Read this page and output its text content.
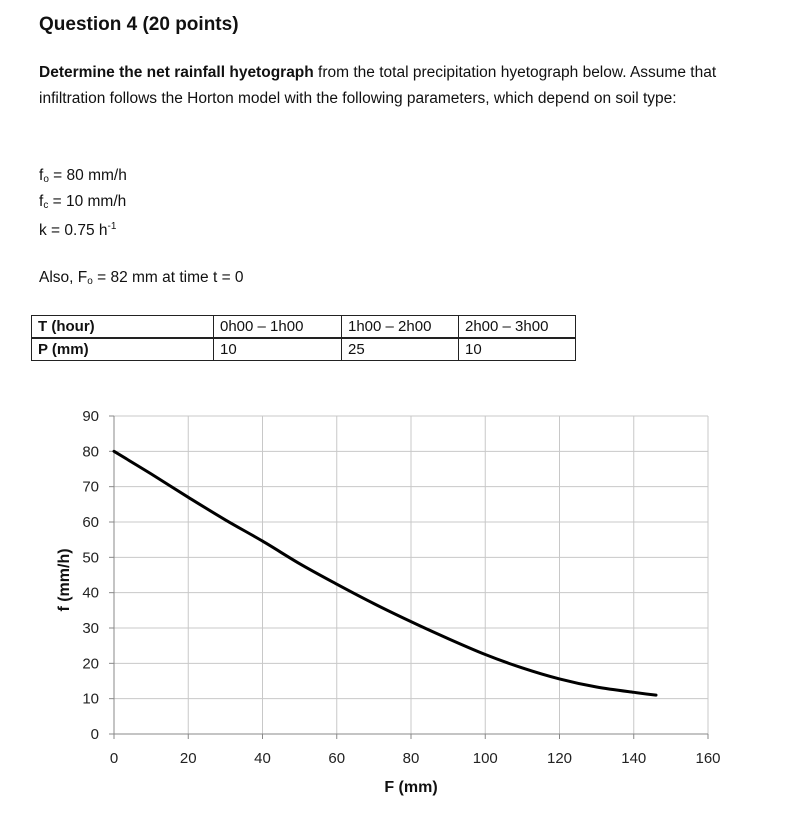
Question 4 (20 points)

Determine the net rainfall hyetograph from the total precipitation hyetograph below. Assume that infiltration follows the Horton model with the following parameters, which depend on soil type:

$f_o = 80$ mm/h
$f_c = 10$ mm/h
k = 0.75 $h^{-1}$
Also, $F_o = 82$ mm at time t = 0
T (hour)	0h00 – 1h00	1h00 – 2h00	2h00 – 3h00
P (mm)	10	25	10
0
10
20
30
40
50
60
70
80
90
0	20	40	60	80	100	120	140	160
F (mm)
f (mm/h)
